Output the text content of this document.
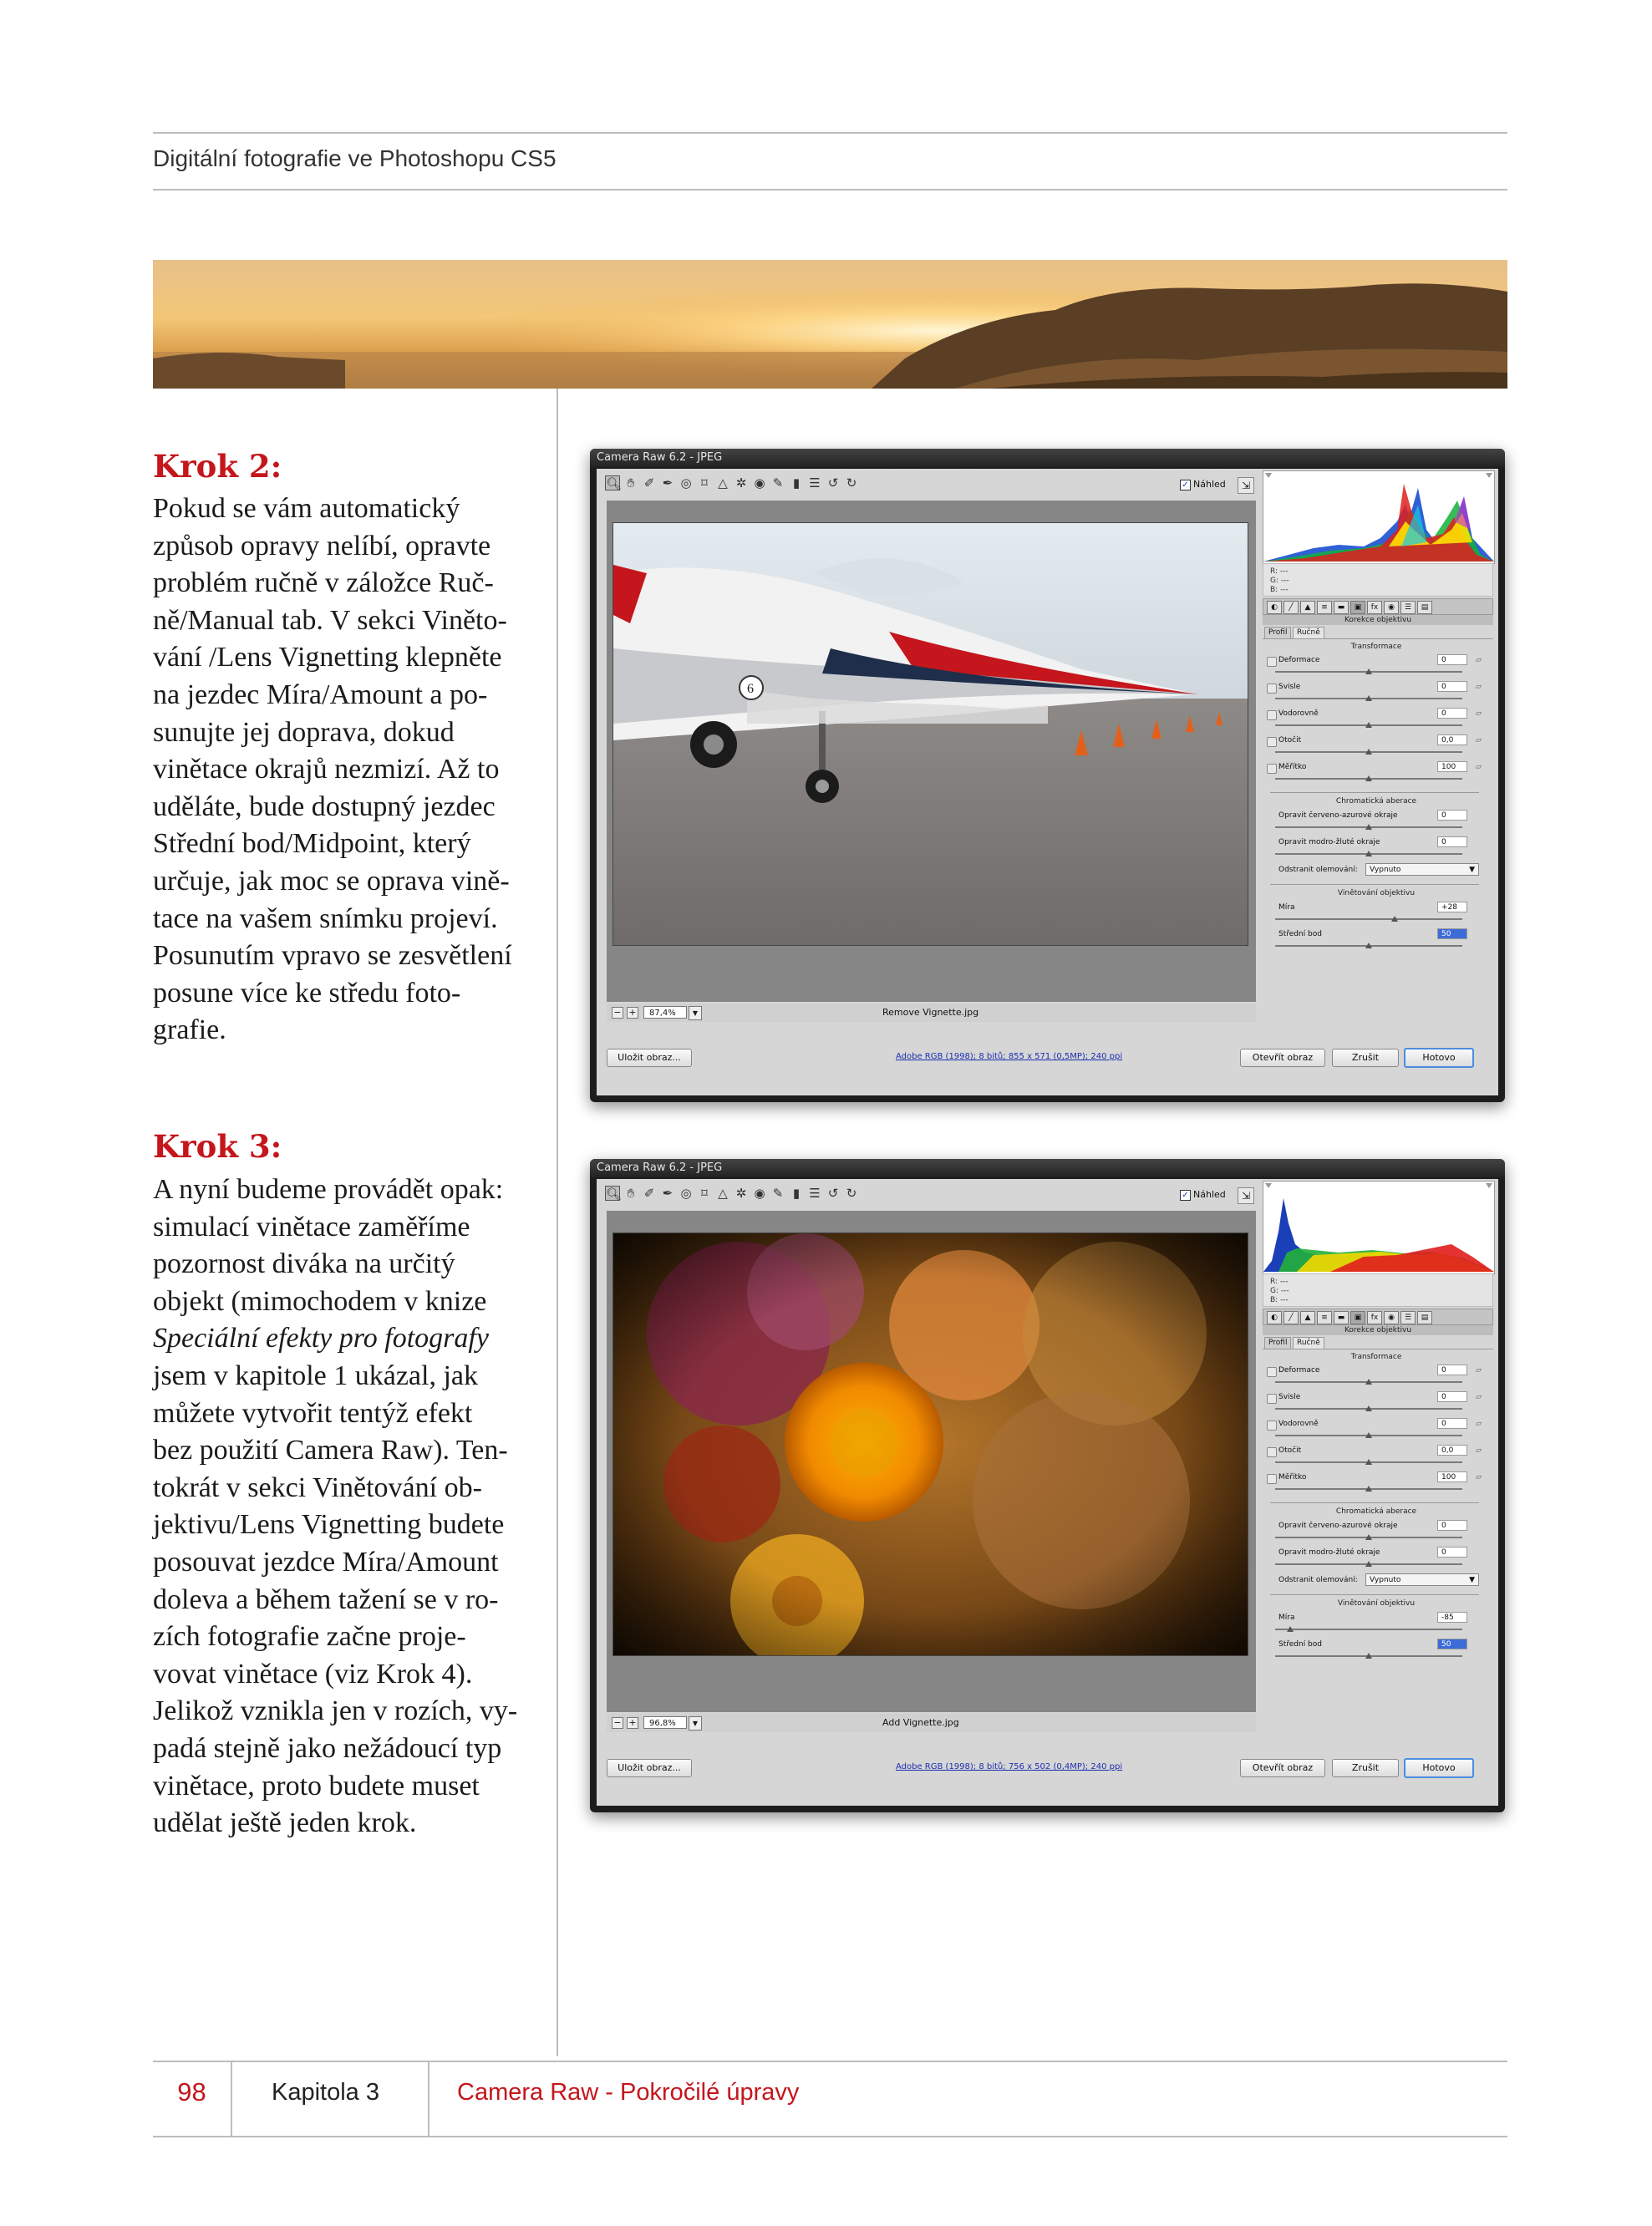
Digitální fotografie ve Photoshopu CS5
Krok 2:

Pokud se vám automatický

způsob opravy nelíbí, opravte

problém ručně v záložce Ruč-

ně/Manual tab. V sekci Viněto-

vání /Lens Vignetting klepněte

na jezdec Míra/Amount a po-

sunujte jej doprava, dokud

vinětace okrajů nezmizí. Až to

uděláte, bude dostupný jezdec

Střední bod/Midpoint, který

určuje, jak moc se oprava vině-

tace na vašem snímku projeví.

Posunutím vpravo se zesvětlení

posune více ke středu foto-

grafie.

Krok 3:

A nyní budeme provádět opak:

simulací vinětace zaměříme

pozornost diváka na určitý

objekt (mimochodem v knize

Speciální efekty pro fotografy

jsem v kapitole 1 ukázal, jak

můžete vytvořit tentýž efekt

bez použití Camera Raw). Ten-

tokrát v sekci Vinětování ob-

jektivu/Lens Vignetting budete

posouvat jezdce Míra/Amount

doleva a během tažení se v ro-

zích fotografie začne proje-

vovat vinětace (viz Krok 4).

Jelikož vznikla jen v rozích, vy-

padá stejně jako nežádoucí typ

vinětace, proto budete muset

udělat ještě jeden krok.

Camera Raw 6.2 - JPEG
🔍︎ ✋︎ ✐ ✒ ◎ ⌑ △ ✲ ◉ ✎ ▮ ☰ ↺ ↻	✓ Náhled	⇲
6
− +	87,4%	▼	Remove Vignette.jpg
Uložit obraz...	Adobe RGB (1998); 8 bitů; 855 x 571 (0,5MP); 240 ppi	Otevřít obraz	Zrušit	Hotovo
R: ---
G: ---
B: ---
◐	╱	▲	≡	▬	▣	fx	◉	☰	▤
Korekce objektivu
Profil	Ručně
Transformace
Deformace	0	▱
Svisle	0	▱
Vodorovně	0	▱
Otočit	0,0	▱
Měřítko	100	▱
Chromatická aberace
Opravit červeno-azurové okraje	0
Opravit modro-žluté okraje	0
Odstranit olemování:	Vypnuto	▼
Vinětování objektivu
Míra	+28
Střední bod	50
Camera Raw 6.2 - JPEG
🔍︎ ✋︎ ✐ ✒ ◎ ⌑ △ ✲ ◉ ✎ ▮ ☰ ↺ ↻	✓ Náhled	⇲
− +	96,8%	▼	Add Vignette.jpg
Uložit obraz...	Adobe RGB (1998); 8 bitů; 756 x 502 (0,4MP); 240 ppi	Otevřít obraz	Zrušit	Hotovo
R: ---
G: ---
B: ---
◐	╱	▲	≡	▬	▣	fx	◉	☰	▤
Korekce objektivu
Profil	Ručně
Transformace
Deformace	0	▱
Svisle	0	▱
Vodorovně	0	▱
Otočit	0,0	▱
Měřítko	100	▱
Chromatická aberace
Opravit červeno-azurové okraje	0
Opravit modro-žluté okraje	0
Odstranit olemování:	Vypnuto	▼
Vinětování objektivu
Míra	-85
Střední bod	50
98	Kapitola 3	Camera Raw - Pokročilé úpravy
